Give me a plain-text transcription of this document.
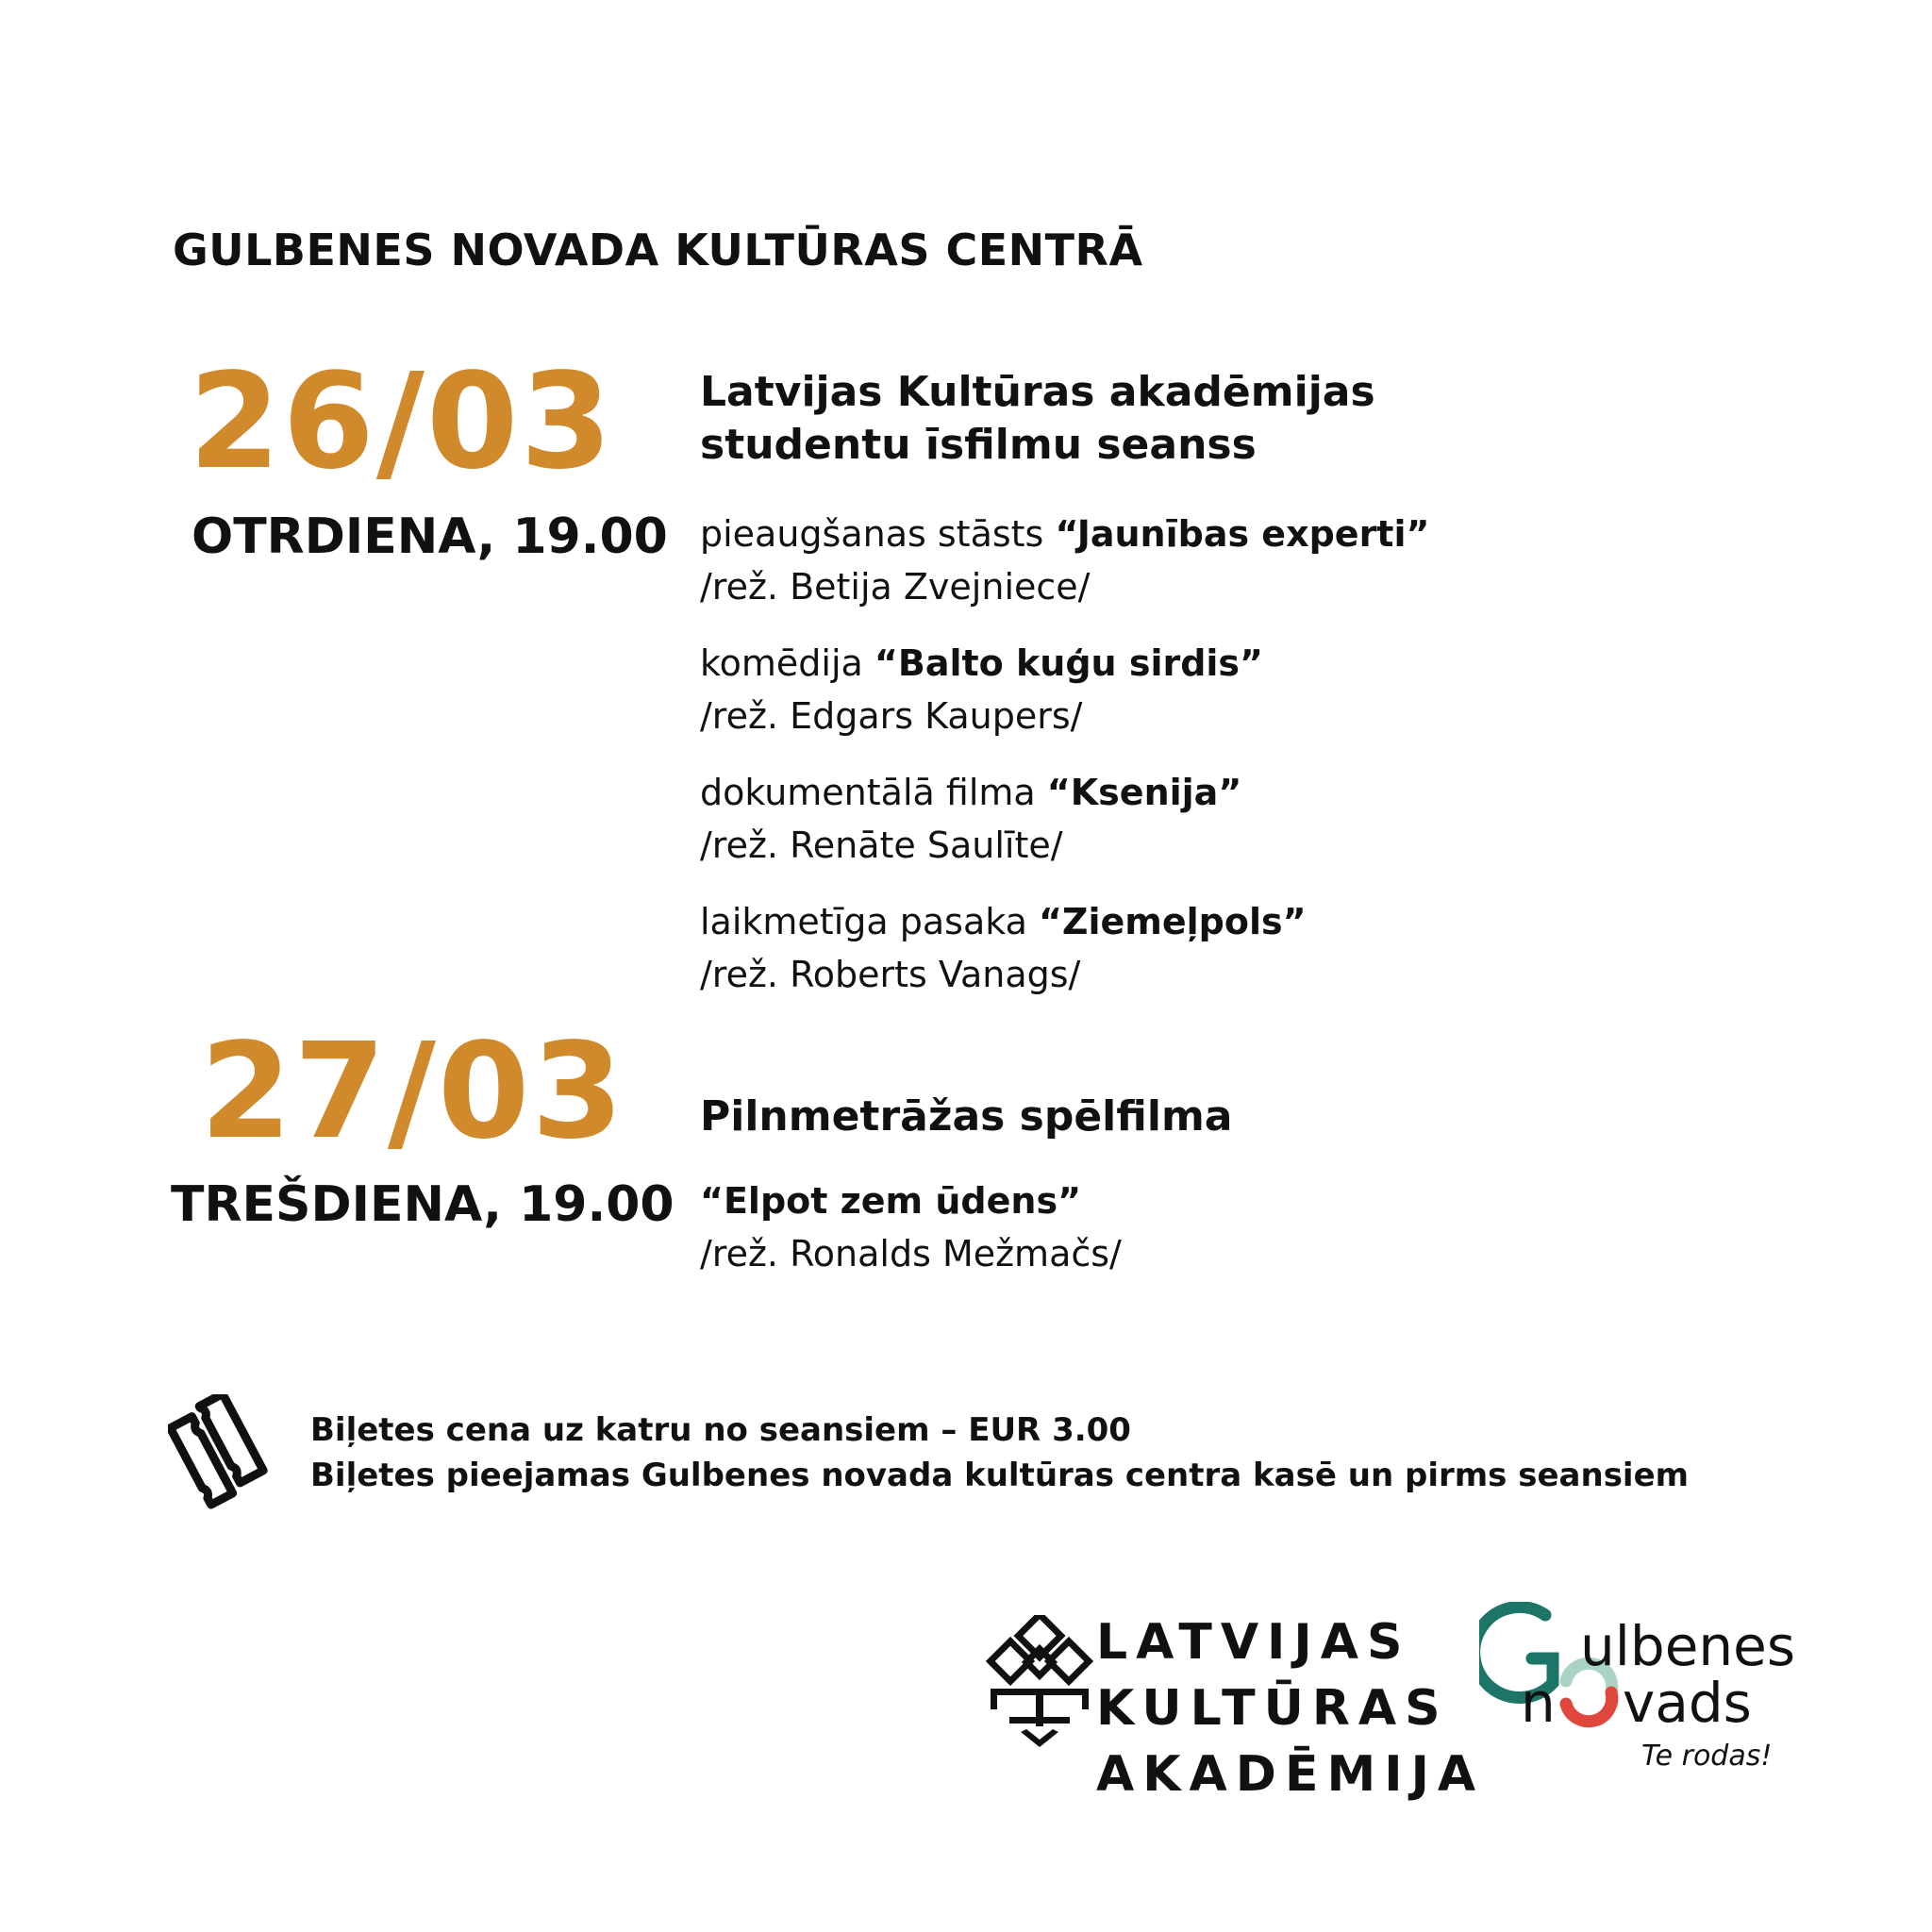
GULBENES NOVADA KULTŪRAS CENTRĀ
26/03
OTRDIENA, 19.00
Latvijas Kultūras akadēmijas
studentu īsfilmu seanss
pieaugšanas stāsts “Jaunības experti”
/rež. Betija Zvejniece/
komēdija “Balto kuģu sirdis”
/rež. Edgars Kaupers/
dokumentālā filma “Ksenija”
/rež. Renāte Saulīte/
laikmetīga pasaka “Ziemeļpols”
/rež. Roberts Vanags/
27/03
TREŠDIENA, 19.00
Pilnmetrāžas spēlfilma
“Elpot zem ūdens”
/rež. Ronalds Mežmačs/
Biļetes cena uz katru no seansiem – EUR 3.00
Biļetes pieejamas Gulbenes novada kultūras centra kasē un pirms seansiem
LATVIJAS
KULTŪRAS
AKADĒMIJA
ulbenes
n vads
Te rodas!
